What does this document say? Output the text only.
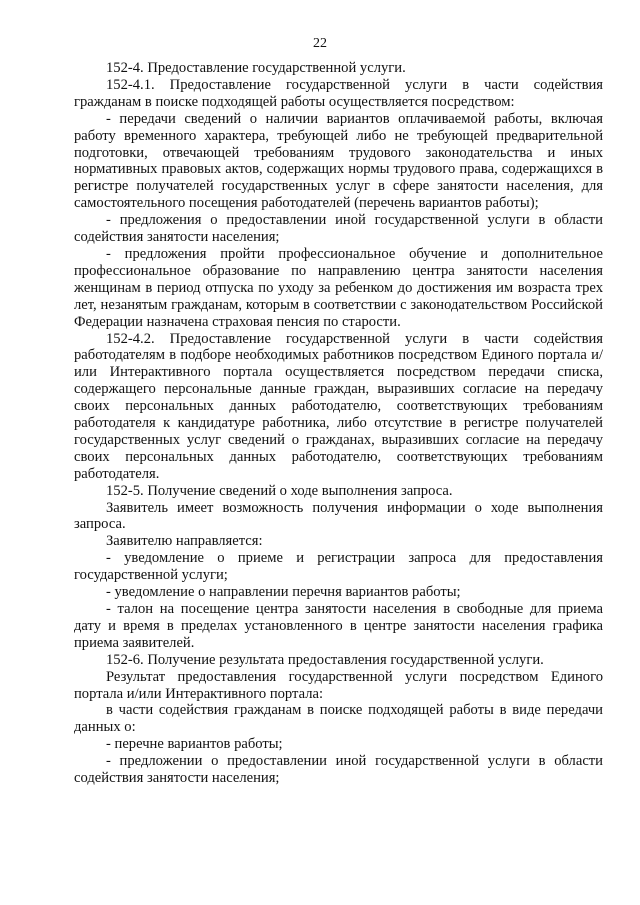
22

152-4. Предоставление государственной услуги.

152-4.1. Предоставление государственной услуги в части содействия гражданам в поиске подходящей работы осуществляется посредством:

- передачи сведений о наличии вариантов оплачиваемой работы, включая работу временного характера, требующей либо не требующей предварительной подготовки, отвечающей требованиям трудового законодательства и иных нормативных правовых актов, содержащих нормы трудового права, содержащихся в регистре получателей государственных услуг в сфере занятости населения, для самостоятельного посещения работодателей (перечень вариантов работы);

- предложения о предоставлении иной государственной услуги в области содействия занятости населения;

- предложения пройти профессиональное обучение и дополнительное профессиональное образование по направлению центра занятости населения женщинам в период отпуска по уходу за ребенком до достижения им возраста трех лет, незанятым гражданам, которым в соответствии с законодательством Российской Федерации назначена страховая пенсия по старости.

152-4.2. Предоставление государственной услуги в части содействия работодателям в подборе необходимых работников посредством Единого портала и/или Интерактивного портала осуществляется посредством передачи списка, содержащего персональные данные граждан, выразивших согласие на передачу своих персональных данных работодателю, соответствующих требованиям работодателя к кандидатуре работника, либо отсутствие в регистре получателей государственных услуг сведений о гражданах, выразивших согласие на передачу своих персональных данных работодателю, соответствующих требованиям работодателя.

152-5. Получение сведений о ходе выполнения запроса.

Заявитель имеет возможность получения информации о ходе выполнения запроса.

Заявителю направляется:

- уведомление о приеме и регистрации запроса для предоставления государственной услуги;

- уведомление о направлении перечня вариантов работы;

- талон на посещение центра занятости населения в свободные для приема дату и время в пределах установленного в центре занятости населения графика приема заявителей.

152-6. Получение результата предоставления государственной услуги.

Результат предоставления государственной услуги посредством Единого портала и/или Интерактивного портала:

в части содействия гражданам в поиске подходящей работы в виде передачи данных о:

- перечне вариантов работы;

- предложении о предоставлении иной государственной услуги в области содействия занятости населения;
